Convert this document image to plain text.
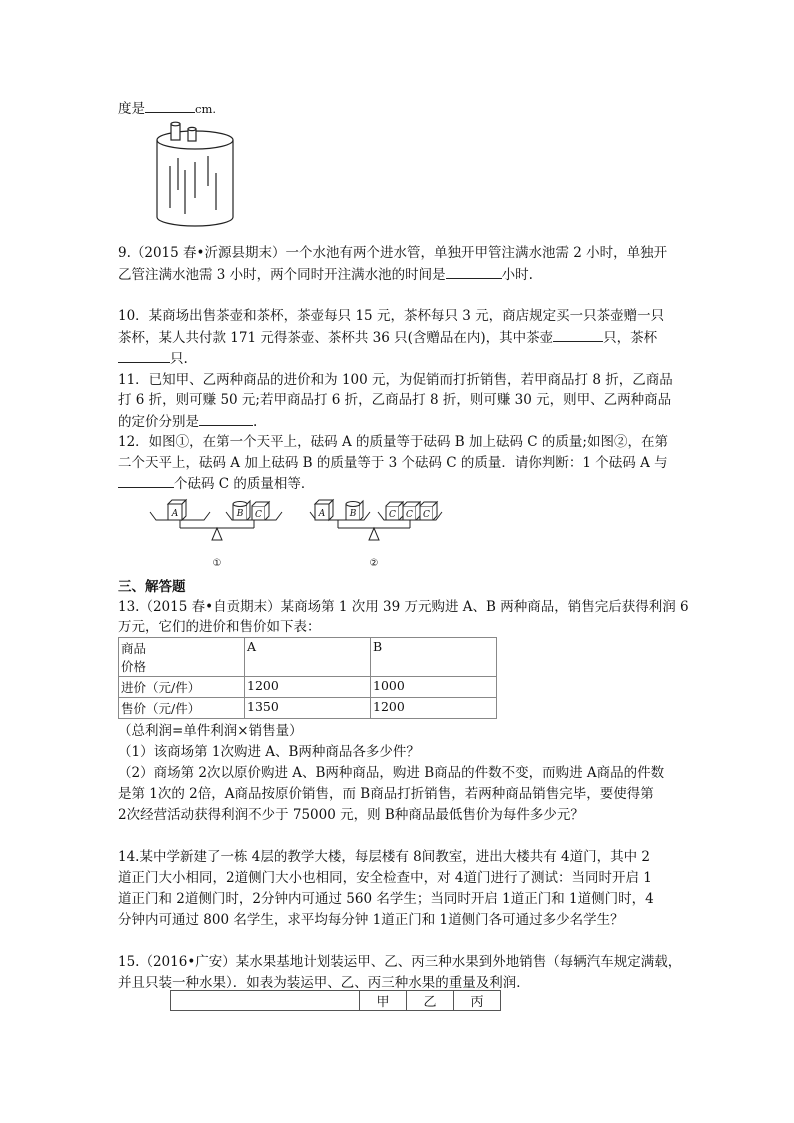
度是	cm.
9.（2015 春•沂源县期末）一个水池有两个进水管，单独开甲管注满水池需 2 小时，单独开
乙管注满水池需 3 小时，两个同时开注满水池的时间是	小时.
10．某商场出售茶壶和茶杯，茶壶每只 15 元，茶杯每只 3 元，商店规定买一只茶壶赠一只
茶杯，某人共付款 171 元得茶壶、茶杯共 36 只(含赠品在内)，其中茶壶	只，茶杯
只.
11．已知甲、乙两种商品的进价和为 100 元，为促销而打折销售，若甲商品打 8 折，乙商品
打 6 折，则可赚 50 元;若甲商品打 6 折，乙商品打 8 折，则可赚 30 元，则甲、乙两种商品
的定价分别是	.
12．如图①，在第一个天平上，砝码 A 的质量等于砝码 B 加上砝码 C 的质量;如图②，在第
二个天平上，砝码 A 加上砝码 B 的质量等于 3 个砝码 C 的质量．请你判断：1 个砝码 A 与
个砝码 C 的质量相等．
A	B C	A	B	C C C
①	②
三、解答题
13.（2015 春•自贡期末）某商场第 1 次用 39 万元购进 A、B 两种商品，销售完后获得利润 6
万元，它们的进价和售价如下表：
商品
价格	A	B
进价（元/件）	1200	1000
售价（元/件）	1350	1200
（总利润=单件利润×销售量）
（1）该商场第 1次购进 A、B两种商品各多少件？
（2）商场第 2次以原价购进 A、B两种商品，购进 B商品的件数不变，而购进 A商品的件数
是第 1次的 2倍，A商品按原价销售，而 B商品打折销售，若两种商品销售完毕，要使得第
2次经营活动获得利润不少于 75000 元，则 B种商品最低售价为每件多少元？
14.某中学新建了一栋 4层的教学大楼，每层楼有 8间教室，进出大楼共有 4道门，其中 2
道正门大小相同，2道侧门大小也相同，安全检查中，对 4道门进行了测试：当同时开启 1
道正门和 2道侧门时，2分钟内可通过 560 名学生；当同时开启 1道正门和 1道侧门时，4
分钟内可通过 800 名学生，求平均每分钟 1道正门和 1道侧门各可通过多少名学生？
15.（2016•广安）某水果基地计划装运甲、乙、丙三种水果到外地销售（每辆汽车规定满载，
并且只装一种水果）．如表为装运甲、乙、丙三种水果的重量及利润．
	甲	乙	丙
